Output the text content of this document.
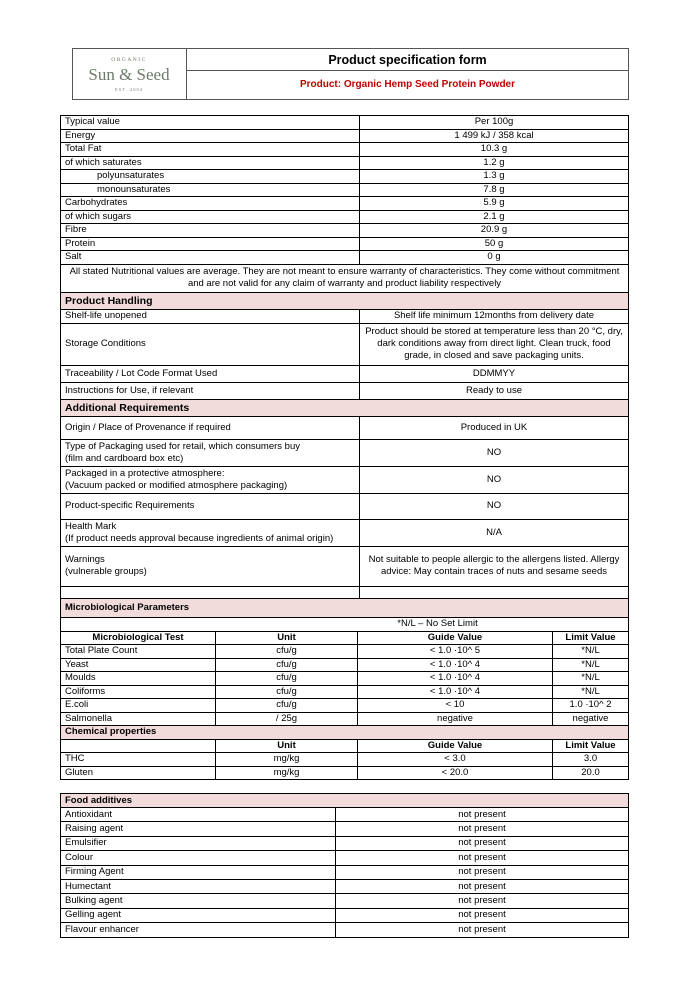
ORGANIC
Sun & Seed
EST. 2004
	Product specification form
Product: Organic Hemp Seed Protein Powder
Typical value	Per 100g
Energy	1 499 kJ / 358 kcal
Total Fat	10.3 g
of which saturates	1.2 g
polyunsaturates	1.3 g
monounsaturates	7.8 g
Carbohydrates	5.9 g
of which sugars	2.1 g
Fibre	20.9 g
Protein	50 g
Salt	0 g
All stated Nutritional values are average. They are not meant to ensure warranty of characteristics. They come without commitment and are not valid for any claim of warranty and product liability respectively	
Product Handling	
Shelf-life unopened	Shelf life minimum 12months from delivery date
Storage Conditions	Product should be stored at temperature less than 20 °C, dry, dark conditions away from direct light. Clean truck, food grade, in closed and save packaging units.
Traceability / Lot Code Format Used	DDMMYY
Instructions for Use, if relevant	Ready to use
Additional Requirements	
Origin / Place of Provenance if required	Produced in UK
Type of Packaging used for retail, which consumers buy
(film and cardboard box etc)	NO
Packaged in a protective atmosphere:
(Vacuum packed or modified atmosphere packaging)	NO
Product-specific Requirements	NO
Health Mark
(If product needs approval because ingredients of animal origin)	N/A
Warnings
(vulnerable groups)	Not suitable to people allergic to the allergens listed. Allergy advice: May contain traces of nuts and sesame seeds

Microbiological Parameters			
*N/L – No Set Limit			
Microbiological Test	Unit	Guide Value	Limit Value
Total Plate Count	cfu/g	< 1.0 ·10^ 5	*N/L
Yeast	cfu/g	< 1.0 ·10^ 4	*N/L
Moulds	cfu/g	< 1.0 ·10^ 4	*N/L
Coliforms	cfu/g	< 1.0 ·10^ 4	*N/L
E.coli	cfu/g	< 10	1.0 ·10^ 2
Salmonella	/ 25g	negative	negative
Chemical properties			
	Unit	Guide Value	Limit Value
THC	mg/kg	< 3.0	3.0
Gluten	mg/kg	< 20.0	20.0
Food additives	
Antioxidant	not present
Raising agent	not present
Emulsifier	not present
Colour	not present
Firming Agent	not present
Humectant	not present
Bulking agent	not present
Gelling agent	not present
Flavour enhancer	not present
